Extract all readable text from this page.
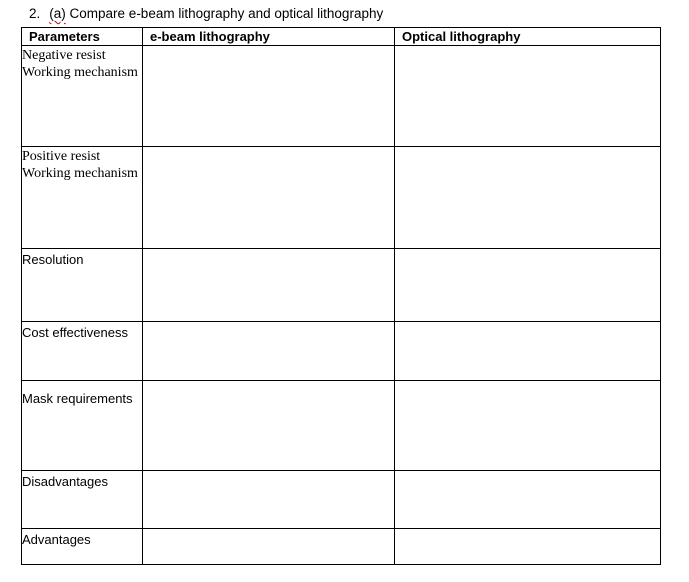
2. (a) Compare e-beam lithography and optical lithography
Parameters	e-beam lithography	Optical lithography
Negative resist Working mechanism		
Positive resist Working mechanism		
Resolution		

Cost effectiveness		

Mask requirements		

Disadvantages		
Advantages		
